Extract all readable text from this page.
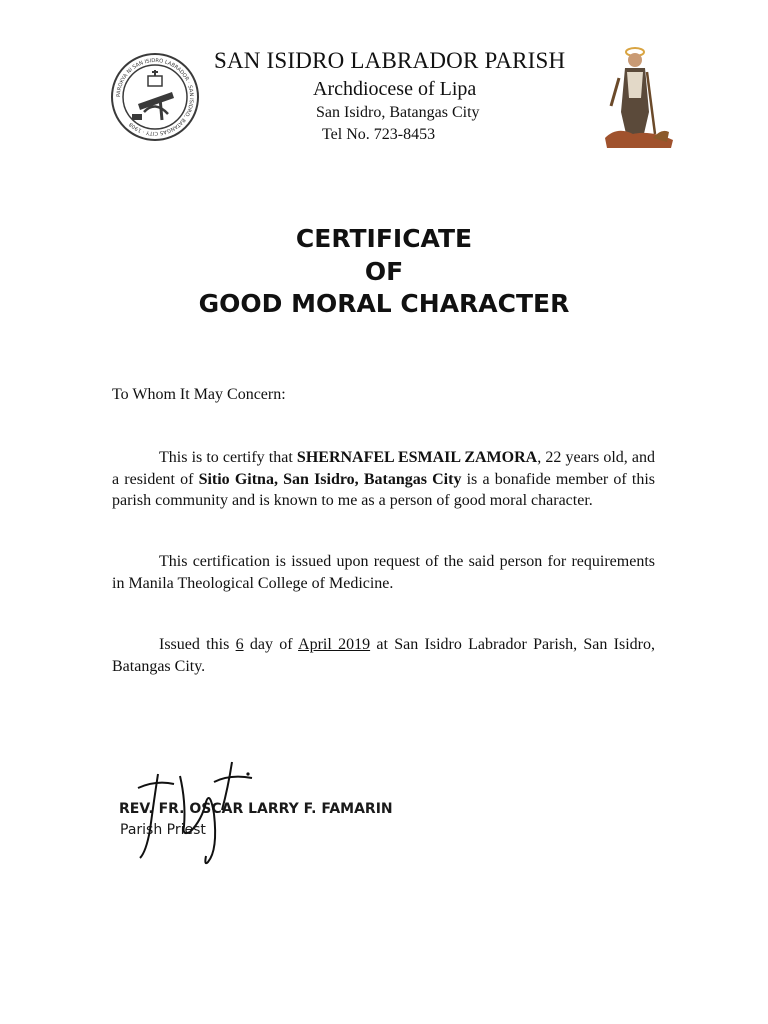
PAROKYA NI SAN ISIDRO LABRADOR · SAN ISIDRO, BATANGAS CITY · 1908
SAN ISIDRO LABRADOR PARISH
Archdiocese of Lipa
San Isidro, Batangas City
Tel No. 723-8453
CERTIFICATE
OF
GOOD MORAL CHARACTER
To Whom It May Concern:
This is to certify that SHERNAFEL ESMAIL ZAMORA, 22 years old, and a resident of Sitio Gitna, San Isidro, Batangas City is a bonafide member of this parish community and is known to me as a person of good moral character.
This certification is issued upon request of the said person for requirements in Manila Theological College of Medicine.
Issued this 6 day of April 2019 at San Isidro Labrador Parish, San Isidro, Batangas City.
REV. FR. OSCAR LARRY F. FAMARIN
Parish Priest
